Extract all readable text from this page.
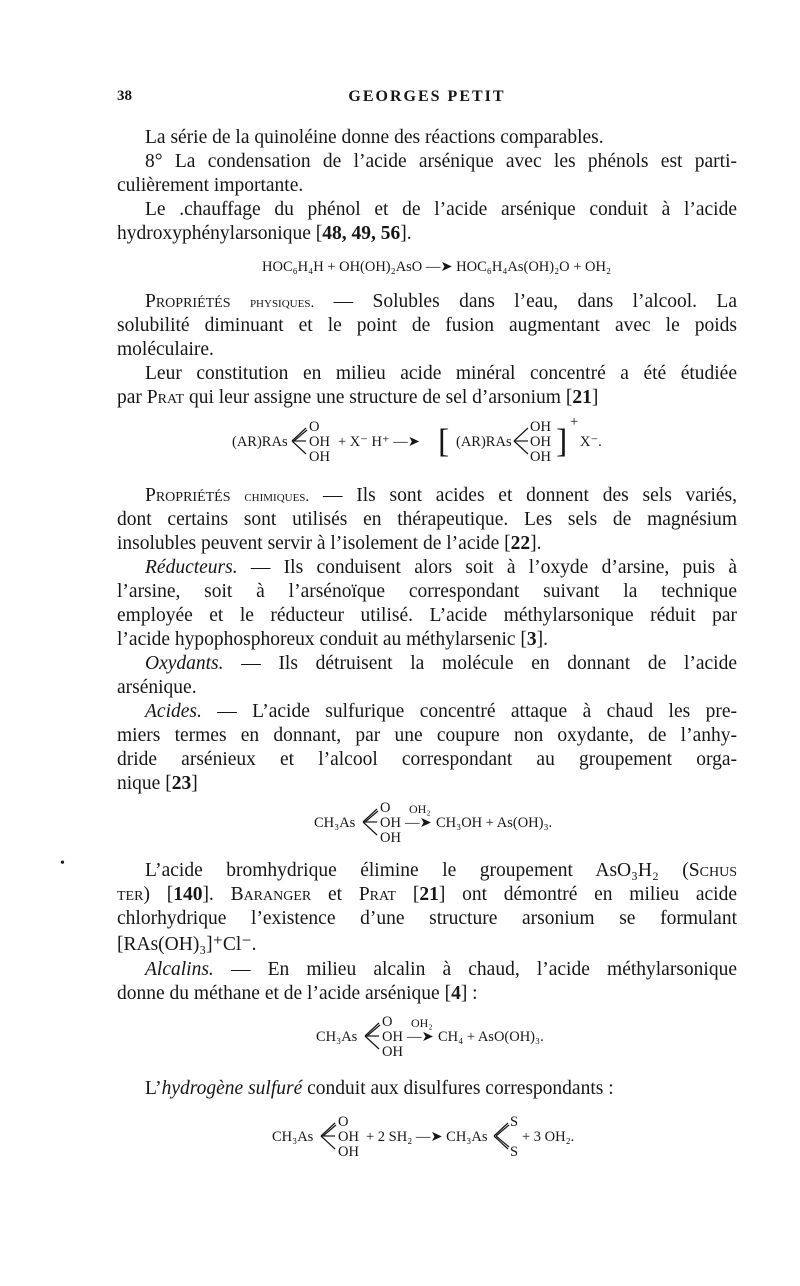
38	GEORGES PETIT
La série de la quinoléine donne des réactions comparables.
8° La condensation de l’acide arsénique avec les phénols est parti-
culièrement importante.
Le .chauffage du phénol et de l’acide arsénique conduit à l’acide
hydroxyphénylarsonique [48, 49, 56].
HOC₆H₄H + OH(OH)₂AsO —➤ HOC₆H₄As(OH)₂O + OH₂
Propriétés physiques. –– Solubles dans l’eau, dans l’alcool. La
solubilité diminuant et le point de fusion augmentant avec le poids
moléculaire.
Leur constitution en milieu acide minéral concentré a été étudiée
par Prat qui leur assigne une structure de sel d’arsonium [21]
(AR)RAs
O
OH
OH
+ X⁻ H⁺ —➤ [ (AR)RAs
OH
OH
OH ]
+
X⁻.
Propriétés chimiques. — Ils sont acides et donnent des sels variés,
dont certains sont utilisés en thérapeutique. Les sels de magnésium
insolubles peuvent servir à l’isolement de l’acide [22].
Réducteurs. — Ils conduisent alors soit à l’oxyde d’arsine, puis à
l’arsine, soit à l’arsénoïque correspondant suivant la technique
employée et le réducteur utilisé. L’acide méthylarsonique réduit par
l’acide hypophosphoreux conduit au méthylarsenic [3].
Oxydants. — Ils détruisent la molécule en donnant de l’acide
arsénique.
Acides. — L’acide sulfurique concentré attaque à chaud les pre-
miers termes en donnant, par une coupure non oxydante, de l’anhy-
dride arsénieux et l’alcool correspondant au groupement orga-
nique [23]
CH₃As
O
OH
OH
OH₂
—➤ CH₃OH + As(OH)₃.
•	L’acide bromhydrique élimine le groupement AsO₃H₂ (Schus
ter) [140]. Baranger et Prat [21] ont démontré en milieu acide
chlorhydrique l’existence d’une structure arsonium se formulant
[RAs(OH)₃]⁺Cl⁻.
Alcalins. — En milieu alcalin à chaud, l’acide méthylarsonique
donne du méthane et de l’acide arsénique [4] :
CH₃As
O
OH
OH
OH₂
—➤ CH₄ + AsO(OH)₃.
L’hydrogène sulfuré conduit aux disulfures correspondants :
CH₃As
O
OH
OH
+ 2 SH₂ —➤ CH₃As
S
S
+ 3 OH₂.
